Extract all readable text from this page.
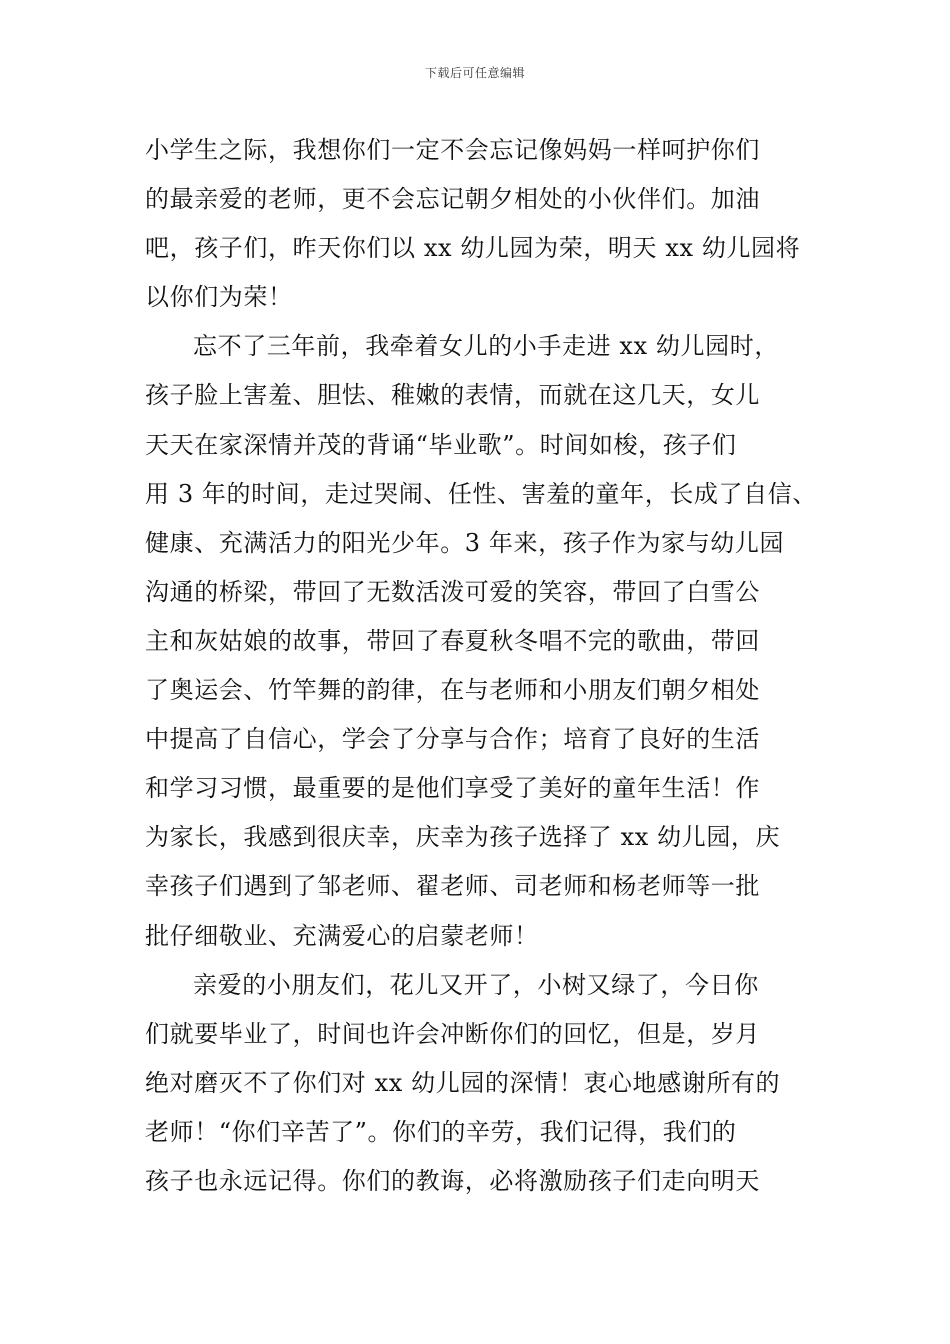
下载后可任意编辑
小学生之际，我想你们一定不会忘记像妈妈一样呵护你们
的最亲爱的老师，更不会忘记朝夕相处的小伙伴们。加油
吧，孩子们，昨天你们以 xx 幼儿园为荣，明天 xx 幼儿园将
以你们为荣！
忘不了三年前，我牵着女儿的小手走进 xx 幼儿园时，
孩子脸上害羞、胆怯、稚嫩的表情，而就在这几天，女儿
天天在家深情并茂的背诵“毕业歌”。时间如梭，孩子们
用 3 年的时间，走过哭闹、任性、害羞的童年，长成了自信、
健康、充满活力的阳光少年。3 年来，孩子作为家与幼儿园
沟通的桥梁，带回了无数活泼可爱的笑容，带回了白雪公
主和灰姑娘的故事，带回了春夏秋冬唱不完的歌曲，带回
了奥运会、竹竿舞的韵律，在与老师和小朋友们朝夕相处
中提高了自信心，学会了分享与合作；培育了良好的生活
和学习习惯，最重要的是他们享受了美好的童年生活！作
为家长，我感到很庆幸，庆幸为孩子选择了 xx 幼儿园，庆
幸孩子们遇到了邹老师、翟老师、司老师和杨老师等一批
批仔细敬业、充满爱心的启蒙老师！
亲爱的小朋友们，花儿又开了，小树又绿了，今日你
们就要毕业了，时间也许会冲断你们的回忆，但是，岁月
绝对磨灭不了你们对 xx 幼儿园的深情！衷心地感谢所有的
老师！“你们辛苦了”。你们的辛劳，我们记得，我们的
孩子也永远记得。你们的教诲，必将激励孩子们走向明天
